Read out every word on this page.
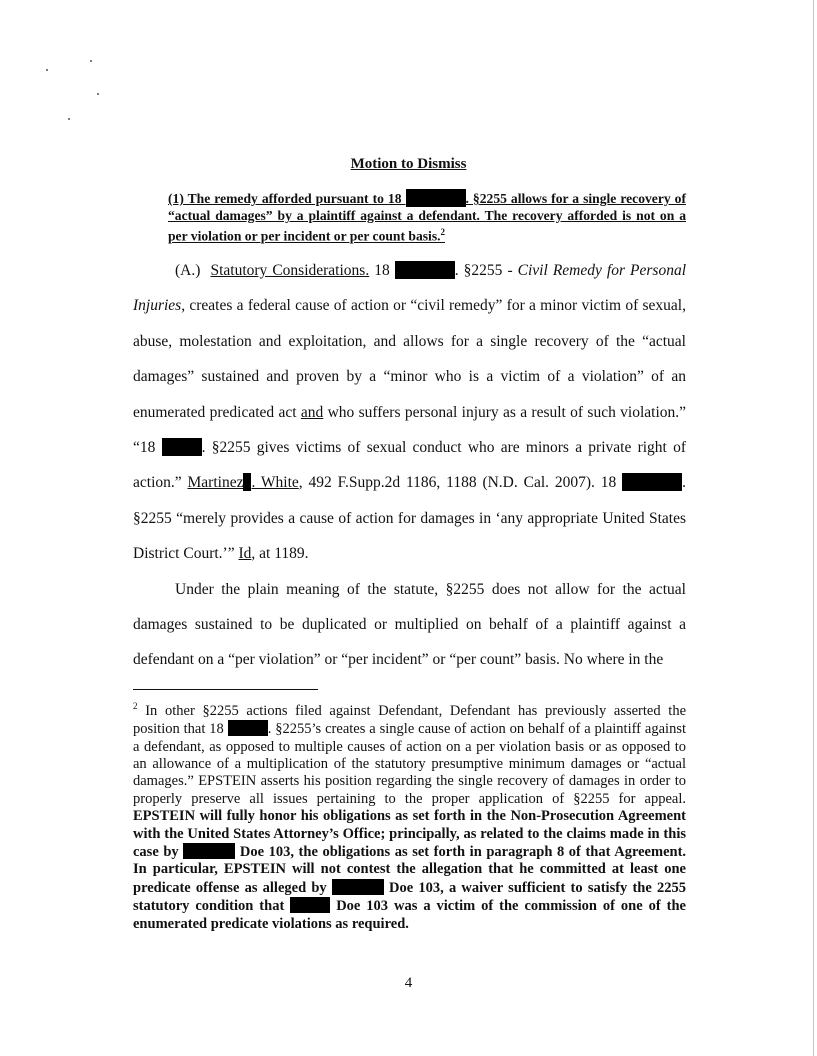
Motion to Dismiss
(1) The remedy afforded pursuant to 18	. §2255 allows for a single recovery of “actual damages” by a plaintiff against a defendant. The recovery afforded is not on a per violation or per incident or per count basis.$^2$

(A.) Statutory Considerations. 18	. §2255 - Civil Remedy for Personal Injuries, creates a federal cause of action or “civil remedy” for a minor victim of sexual, abuse, molestation and exploitation, and allows for a single recovery of the “actual damages” sustained and proven by a “minor who is a victim of a violation” of an enumerated predicated act and who suffers personal injury as a result of such violation.” “18	. §2255 gives victims of sexual conduct who are minors a private right of action.” Martinez . White, 492 F.Supp.2d 1186, 1188 (N.D. Cal. 2007). 18	. §2255 “merely provides a cause of action for damages in ‘any appropriate United States District Court.’” Id, at 1189.

Under the plain meaning of the statute, §2255 does not allow for the actual damages sustained to be duplicated or multiplied on behalf of a plaintiff against a defendant on a “per violation” or “per incident” or “per count” basis. No where in the

$^2$ In other §2255 actions filed against Defendant, Defendant has previously asserted the position that 18	. §2255’s creates a single cause of action on behalf of a plaintiff against a defendant, as opposed to multiple causes of action on a per violation basis or as opposed to an allowance of a multiplication of the statutory presumptive minimum damages or “actual damages.” EPSTEIN asserts his position regarding the single recovery of damages in order to properly preserve all issues pertaining to the proper application of §2255 for appeal. EPSTEIN will fully honor his obligations as set forth in the Non-Prosecution Agreement with the United States Attorney’s Office; principally, as related to the claims made in this case by	Doe 103, the obligations as set forth in paragraph 8 of that Agreement. In particular, EPSTEIN will not contest the allegation that he committed at least one predicate offense as alleged by	Doe 103, a waiver sufficient to satisfy the 2255 statutory condition that	Doe 103 was a victim of the commission of one of the enumerated predicate violations as required.
4
